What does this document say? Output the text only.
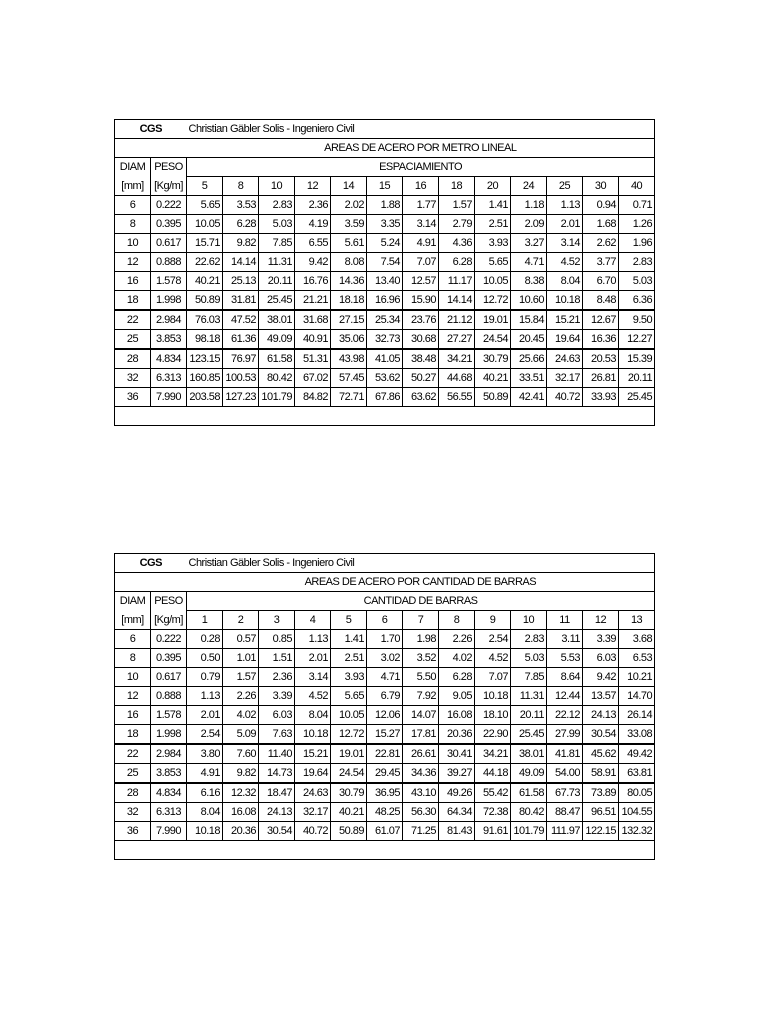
CGS		Christian Gäbler Solis - Ingeniero Civil												
		AREAS DE ACERO POR METRO LINEAL												
DIAM	PESO	ESPACIAMIENTO												
[mm]	[Kg/m]	5	8	10	12	14	15	16	18	20	24	25	30	40
6	0.222	5.65	3.53	2.83	2.36	2.02	1.88	1.77	1.57	1.41	1.18	1.13	0.94	0.71
8	0.395	10.05	6.28	5.03	4.19	3.59	3.35	3.14	2.79	2.51	2.09	2.01	1.68	1.26
10	0.617	15.71	9.82	7.85	6.55	5.61	5.24	4.91	4.36	3.93	3.27	3.14	2.62	1.96
12	0.888	22.62	14.14	11.31	9.42	8.08	7.54	7.07	6.28	5.65	4.71	4.52	3.77	2.83
16	1.578	40.21	25.13	20.11	16.76	14.36	13.40	12.57	11.17	10.05	8.38	8.04	6.70	5.03
18	1.998	50.89	31.81	25.45	21.21	18.18	16.96	15.90	14.14	12.72	10.60	10.18	8.48	6.36
22	2.984	76.03	47.52	38.01	31.68	27.15	25.34	23.76	21.12	19.01	15.84	15.21	12.67	9.50
25	3.853	98.18	61.36	49.09	40.91	35.06	32.73	30.68	27.27	24.54	20.45	19.64	16.36	12.27
28	4.834	123.15	76.97	61.58	51.31	43.98	41.05	38.48	34.21	30.79	25.66	24.63	20.53	15.39
32	6.313	160.85	100.53	80.42	67.02	57.45	53.62	50.27	44.68	40.21	33.51	32.17	26.81	20.11
36	7.990	203.58	127.23	101.79	84.82	72.71	67.86	63.62	56.55	50.89	42.41	40.72	33.93	25.45

CGS		Christian Gäbler Solis - Ingeniero Civil												
		AREAS DE ACERO POR CANTIDAD DE BARRAS												
DIAM	PESO	CANTIDAD DE BARRAS												
[mm]	[Kg/m]	1	2	3	4	5	6	7	8	9	10	11	12	13
6	0.222	0.28	0.57	0.85	1.13	1.41	1.70	1.98	2.26	2.54	2.83	3.11	3.39	3.68
8	0.395	0.50	1.01	1.51	2.01	2.51	3.02	3.52	4.02	4.52	5.03	5.53	6.03	6.53
10	0.617	0.79	1.57	2.36	3.14	3.93	4.71	5.50	6.28	7.07	7.85	8.64	9.42	10.21
12	0.888	1.13	2.26	3.39	4.52	5.65	6.79	7.92	9.05	10.18	11.31	12.44	13.57	14.70
16	1.578	2.01	4.02	6.03	8.04	10.05	12.06	14.07	16.08	18.10	20.11	22.12	24.13	26.14
18	1.998	2.54	5.09	7.63	10.18	12.72	15.27	17.81	20.36	22.90	25.45	27.99	30.54	33.08
22	2.984	3.80	7.60	11.40	15.21	19.01	22.81	26.61	30.41	34.21	38.01	41.81	45.62	49.42
25	3.853	4.91	9.82	14.73	19.64	24.54	29.45	34.36	39.27	44.18	49.09	54.00	58.91	63.81
28	4.834	6.16	12.32	18.47	24.63	30.79	36.95	43.10	49.26	55.42	61.58	67.73	73.89	80.05
32	6.313	8.04	16.08	24.13	32.17	40.21	48.25	56.30	64.34	72.38	80.42	88.47	96.51	104.55
36	7.990	10.18	20.36	30.54	40.72	50.89	61.07	71.25	81.43	91.61	101.79	111.97	122.15	132.32
